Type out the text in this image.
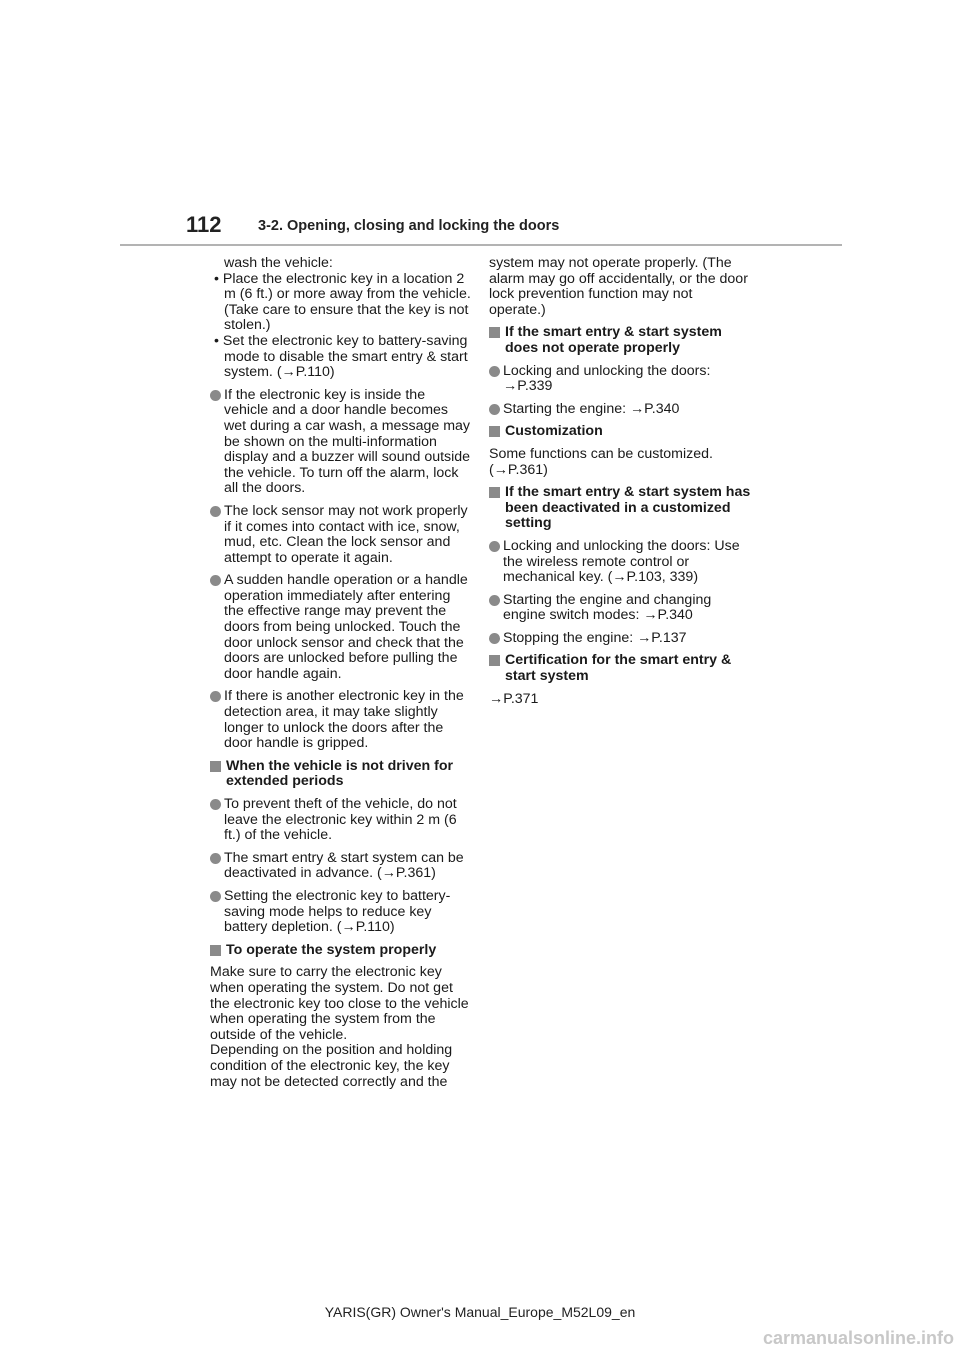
112	3-2. Opening, closing and locking the doors

wash the vehicle:

• Place the electronic key in a location 2 m (6 ft.) or more away from the vehicle. (Take care to ensure that the key is not stolen.)

• Set the electronic key to battery-saving mode to disable the smart entry & start system. (→P.110)

If the electronic key is inside the vehicle and a door handle becomes wet during a car wash, a message may be shown on the multi-information display and a buzzer will sound outside the vehicle. To turn off the alarm, lock all the doors.
The lock sensor may not work properly if it comes into contact with ice, snow, mud, etc. Clean the lock sensor and attempt to operate it again.
A sudden handle operation or a handle operation immediately after entering the effective range may prevent the doors from being unlocked. Touch the door unlock sensor and check that the doors are unlocked before pulling the door handle again.
If there is another electronic key in the detection area, it may take slightly longer to unlock the doors after the door handle is gripped.
When the vehicle is not driven for extended periods
To prevent theft of the vehicle, do not leave the electronic key within 2 m (6 ft.) of the vehicle.
The smart entry & start system can be deactivated in advance. (→P.361)
Setting the electronic key to battery-saving mode helps to reduce key battery depletion. (→P.110)
To operate the system properly

Make sure to carry the electronic key when operating the system. Do not get the electronic key too close to the vehicle when operating the system from the outside of the vehicle.

Depending on the position and holding condition of the electronic key, the key may not be detected correctly and the

system may not operate properly. (The alarm may go off accidentally, or the door lock prevention function may not operate.)

If the smart entry & start system does not operate properly
Locking and unlocking the doors: →P.339
Starting the engine: →P.340
Customization

Some functions can be customized. (→P.361)

If the smart entry & start system has been deactivated in a customized setting
Locking and unlocking the doors: Use the wireless remote control or mechanical key. (→P.103, 339)
Starting the engine and changing engine switch modes: →P.340
Stopping the engine: →P.137
Certification for the smart entry & start system

→P.371

YARIS(GR) Owner's Manual_Europe_M52L09_en
carmanualsonline.info
